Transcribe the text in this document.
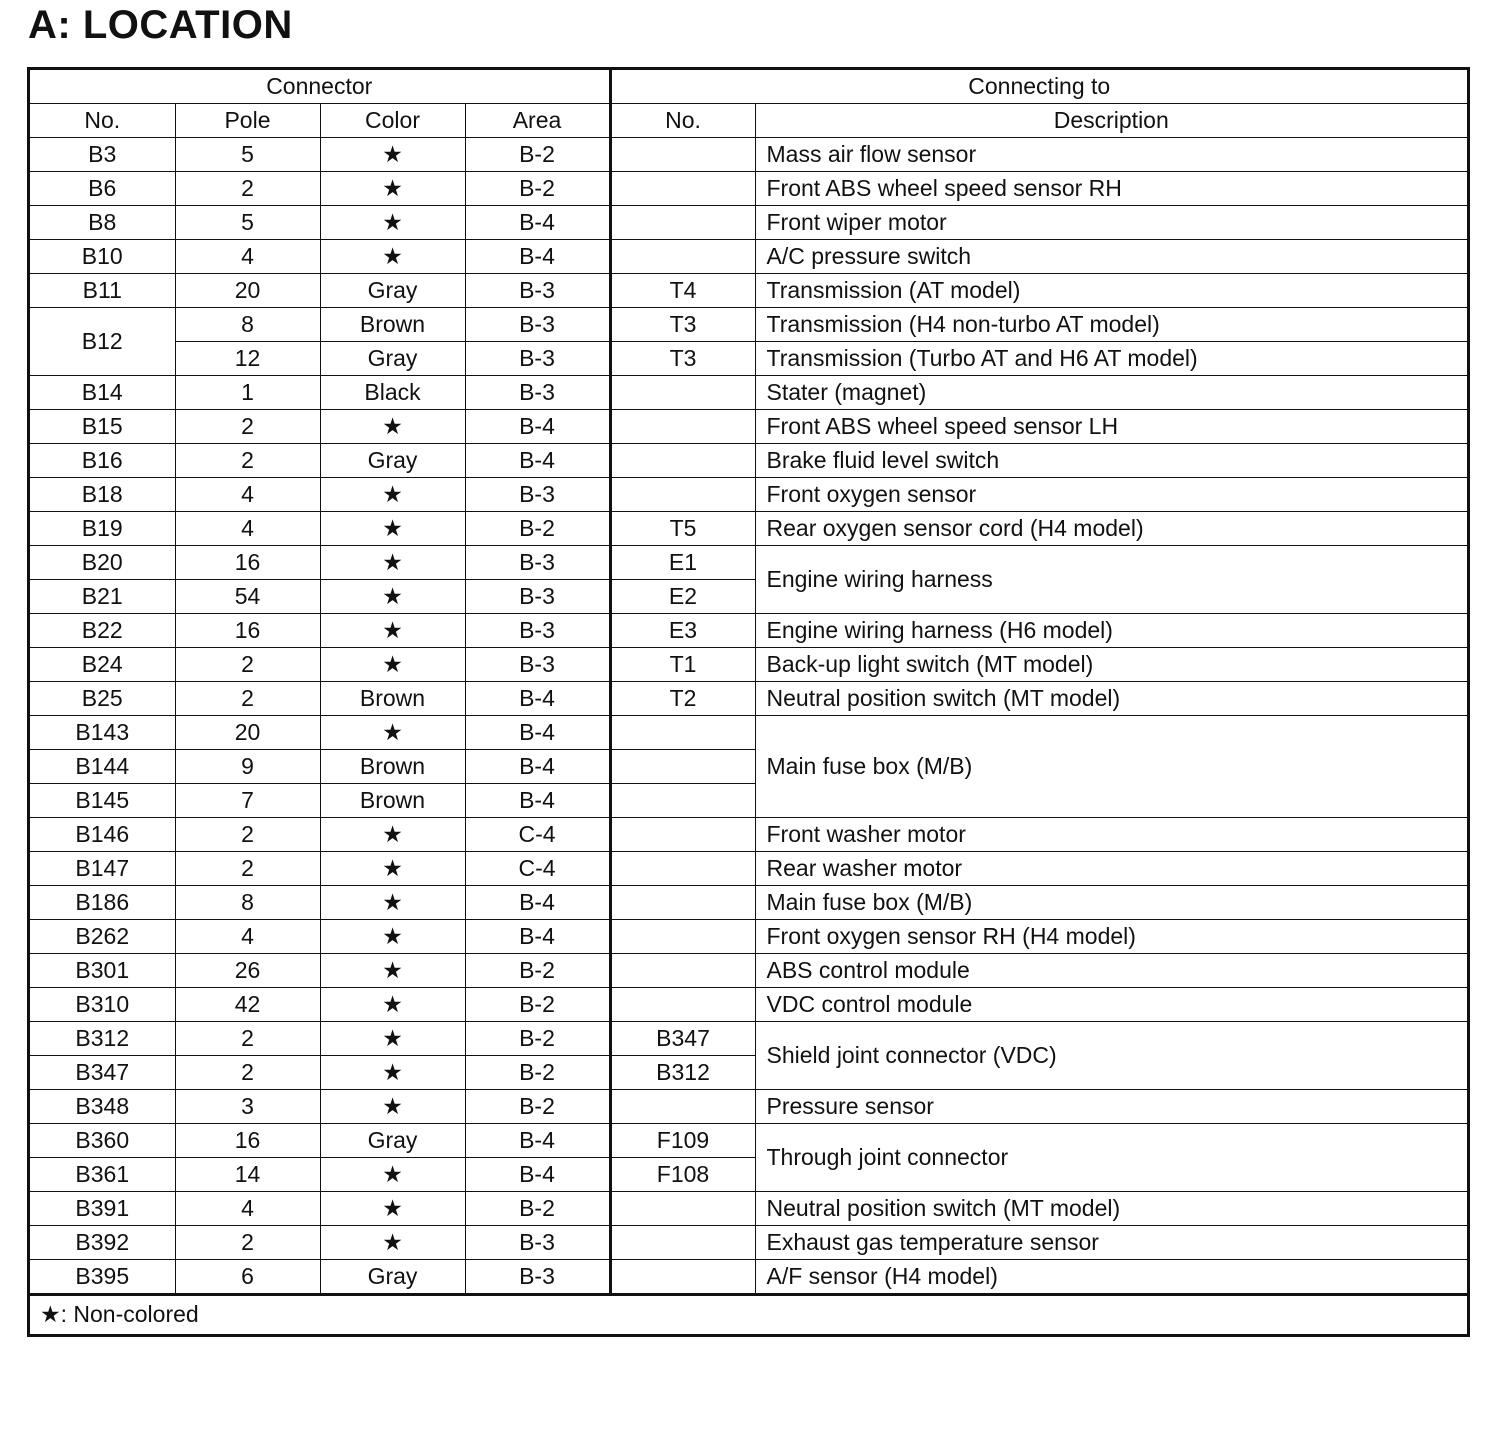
A: LOCATION
Connector				Connecting to	
No.	Pole	Color	Area	No.	Description
B3	5	★	B-2		Mass air flow sensor
B6	2	★	B-2		Front ABS wheel speed sensor RH
B8	5	★	B-4		Front wiper motor
B10	4	★	B-4		A/C pressure switch
B11	20	Gray	B-3	T4	Transmission (AT model)
B12	8	Brown	B-3	T3	Transmission (H4 non-turbo AT model)
	12	Gray	B-3	T3	Transmission (Turbo AT and H6 AT model)
B14	1	Black	B-3		Stater (magnet)
B15	2	★	B-4		Front ABS wheel speed sensor LH
B16	2	Gray	B-4		Brake fluid level switch
B18	4	★	B-3		Front oxygen sensor
B19	4	★	B-2	T5	Rear oxygen sensor cord (H4 model)
B20	16	★	B-3	E1	Engine wiring harness
B21	54	★	B-3	E2	
B22	16	★	B-3	E3	Engine wiring harness (H6 model)
B24	2	★	B-3	T1	Back-up light switch (MT model)
B25	2	Brown	B-4	T2	Neutral position switch (MT model)
B143	20	★	B-4		Main fuse box (M/B)
B144	9	Brown	B-4		
B145	7	Brown	B-4		
B146	2	★	C-4		Front washer motor
B147	2	★	C-4		Rear washer motor
B186	8	★	B-4		Main fuse box (M/B)
B262	4	★	B-4		Front oxygen sensor RH (H4 model)
B301	26	★	B-2		ABS control module
B310	42	★	B-2		VDC control module
B312	2	★	B-2	B347	Shield joint connector (VDC)
B347	2	★	B-2	B312	
B348	3	★	B-2		Pressure sensor
B360	16	Gray	B-4	F109	Through joint connector
B361	14	★	B-4	F108	
B391	4	★	B-2		Neutral position switch (MT model)
B392	2	★	B-3		Exhaust gas temperature sensor
B395	6	Gray	B-3		A/F sensor (H4 model)
★: Non-colored
